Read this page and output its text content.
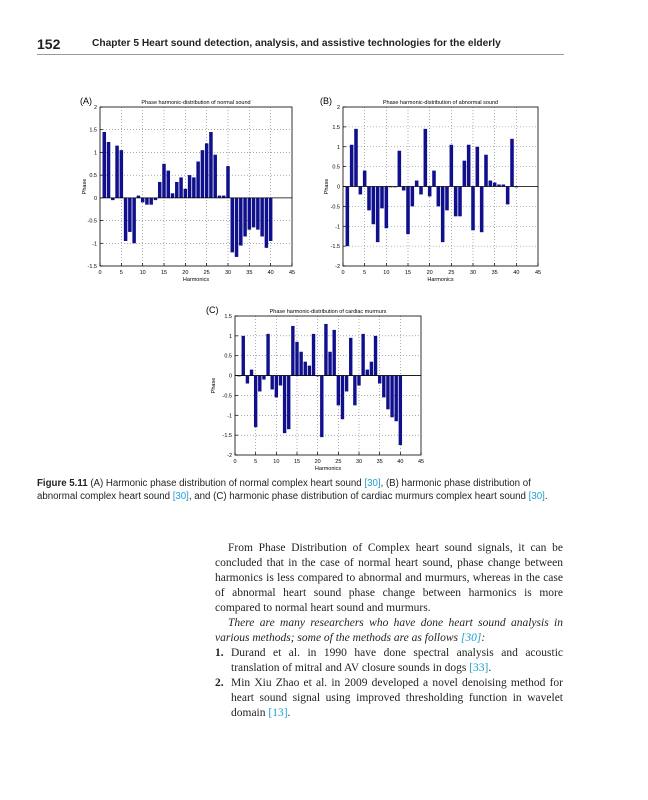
152	Chapter 5 Heart sound detection, analysis, and assistive technologies for the elderly
0	5	10	15	20	25	30	35	40	45
-1.5
-1
-0.5
0
0.5
1
1.5
2
Phase harmonic-distribution of normal sound
Harmonics
Phase
(A)
0	5	10	15	20	25	30	35	40	45
-2
-1.5
-1
-0.5
0
0.5
1
1.5
2
Phase harmonic-distribution of abnormal sound
Harmonics
Phase
(B)
0	5	10	15	20	25	30	35	40	45
-2
-1.5
-1
-0.5
0
0.5
1
1.5
Phase harmonic-distribution of cardiac murmurs
Harmonics
Phase
(C)
Figure 5.11 (A) Harmonic phase distribution of normal complex heart sound [30], (B) harmonic phase distribution of abnormal complex heart sound [30], and (C) harmonic phase distribution of cardiac murmurs complex heart sound [30].

From Phase Distribution of Complex heart sound signals, it can be concluded that in the case of normal heart sound, phase change between harmonics is less compared to abnormal and murmurs, whereas in the case of abnormal heart sound phase change between harmonics is more compared to normal heart sound and murmurs.

There are many researchers who have done heart sound analysis in various methods; some of the methods are as follows [30]:

1. Durand et al. in 1990 have done spectral analysis and acoustic translation of mitral and AV closure sounds in dogs [33].
2. Min Xiu Zhao et al. in 2009 developed a novel denoising method for heart sound signal using improved thresholding function in wavelet domain [13].
